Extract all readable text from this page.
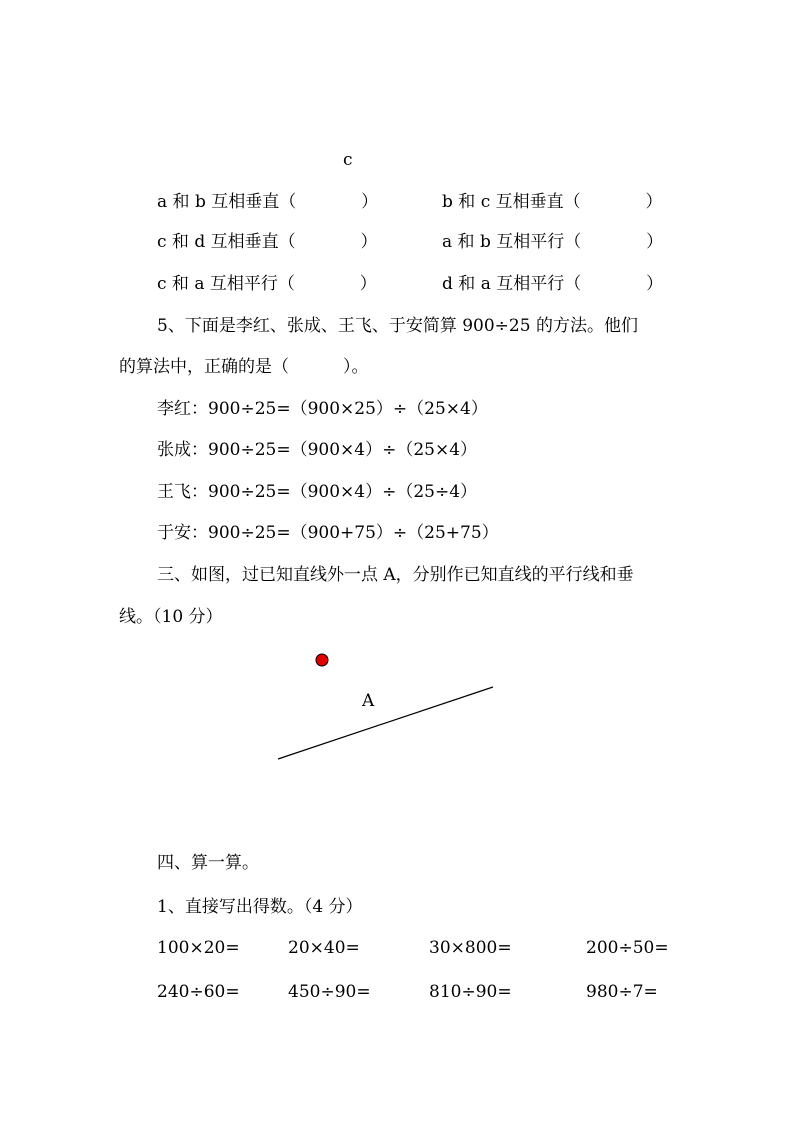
c
a 和 b 互相垂直（            ）	b 和 c 互相垂直（            ）
c 和 d 互相垂直（            ）	a 和 b 互相平行（            ）
c 和 a 互相平行（            ）	d 和 a 互相平行（            ）
5、下面是李红、张成、王飞、于安简算 900÷25 的方法。他们
的算法中，正确的是（          ）。
李红：900÷25=（900×25）÷（25×4）
张成：900÷25=（900×4）÷（25×4）
王飞：900÷25=（900×4）÷（25÷4）
于安：900÷25=（900+75）÷（25+75）
三、如图，过已知直线外一点 A，分别作已知直线的平行线和垂
线。（10 分）
A
四、算一算。
1、直接写出得数。（4 分）
100×20=	20×40=	30×800=	200÷50=
240÷60=	450÷90=	810÷90=	980÷7=
